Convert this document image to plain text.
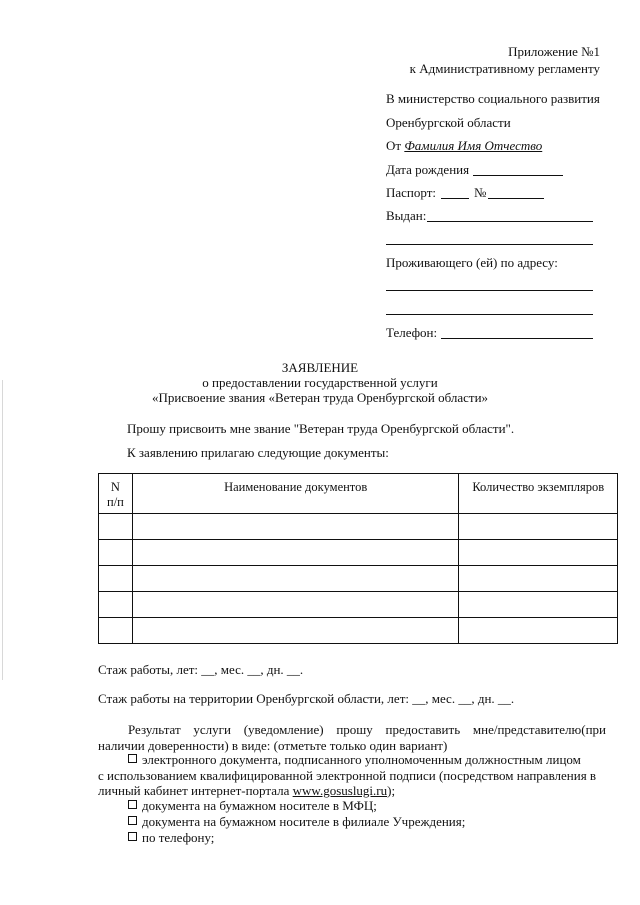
Приложение №1
к Административному регламенту
В министерство социального развития
Оренбургской области
От Фамилия Имя Отчество
Дата рождения
Паспорт:	№
Выдан:
Проживающего (ей) по адресу:
Телефон:
ЗАЯВЛЕНИЕ
о предоставлении государственной услуги
«Присвоение звания «Ветеран труда Оренбургской области»
Прошу присвоить мне звание "Ветеран труда Оренбургской области".
К заявлению прилагаю следующие документы:
N
п/п	Наименование документов	Количество экземпляров

Стаж работы, лет: __, мес. __, дн. __.
Стаж работы на территории Оренбургской области, лет: __, мес. __, дн. __.
Результат услуги (уведомление) прошу предоставить мне/представителю(при наличии доверенности) в виде: (отметьте только один вариант)
электронного документа, подписанного уполномоченным должностным лицом
с использованием квалифицированной электронной подписи (посредством направления в
личный кабинет интернет-портала www.gosuslugi.ru);
документа на бумажном носителе в МФЦ;
документа на бумажном носителе в филиале Учреждения;
по телефону;
